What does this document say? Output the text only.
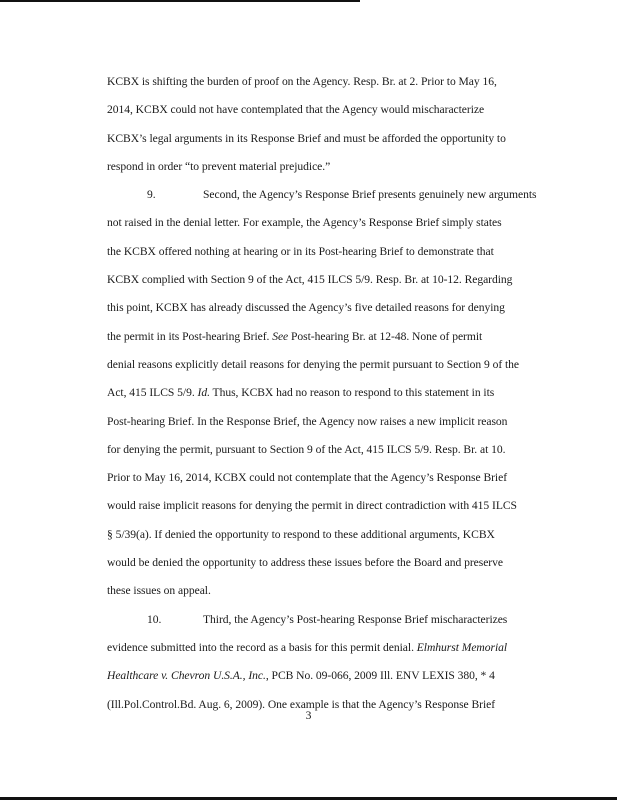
KCBX is shifting the burden of proof on the Agency. Resp. Br. at 2. Prior to May 16,
2014, KCBX could not have contemplated that the Agency would mischaracterize
KCBX’s legal arguments in its Response Brief and must be afforded the opportunity to
respond in order “to prevent material prejudice.”
9.	Second, the Agency’s Response Brief presents genuinely new arguments
not raised in the denial letter. For example, the Agency’s Response Brief simply states
the KCBX offered nothing at hearing or in its Post-hearing Brief to demonstrate that
KCBX complied with Section 9 of the Act, 415 ILCS 5/9. Resp. Br. at 10-12. Regarding
this point, KCBX has already discussed the Agency’s five detailed reasons for denying
the permit in its Post-hearing Brief. See Post-hearing Br. at 12-48. None of permit
denial reasons explicitly detail reasons for denying the permit pursuant to Section 9 of the
Act, 415 ILCS 5/9. Id. Thus, KCBX had no reason to respond to this statement in its
Post-hearing Brief. In the Response Brief, the Agency now raises a new implicit reason
for denying the permit, pursuant to Section 9 of the Act, 415 ILCS 5/9. Resp. Br. at 10.
Prior to May 16, 2014, KCBX could not contemplate that the Agency’s Response Brief
would raise implicit reasons for denying the permit in direct contradiction with 415 ILCS
§ 5/39(a). If denied the opportunity to respond to these additional arguments, KCBX
would be denied the opportunity to address these issues before the Board and preserve
these issues on appeal.
10.	Third, the Agency’s Post-hearing Response Brief mischaracterizes
evidence submitted into the record as a basis for this permit denial. Elmhurst Memorial
Healthcare v. Chevron U.S.A., Inc., PCB No. 09-066, 2009 Ill. ENV LEXIS 380, * 4
(Ill.Pol.Control.Bd. Aug. 6, 2009). One example is that the Agency’s Response Brief
3
